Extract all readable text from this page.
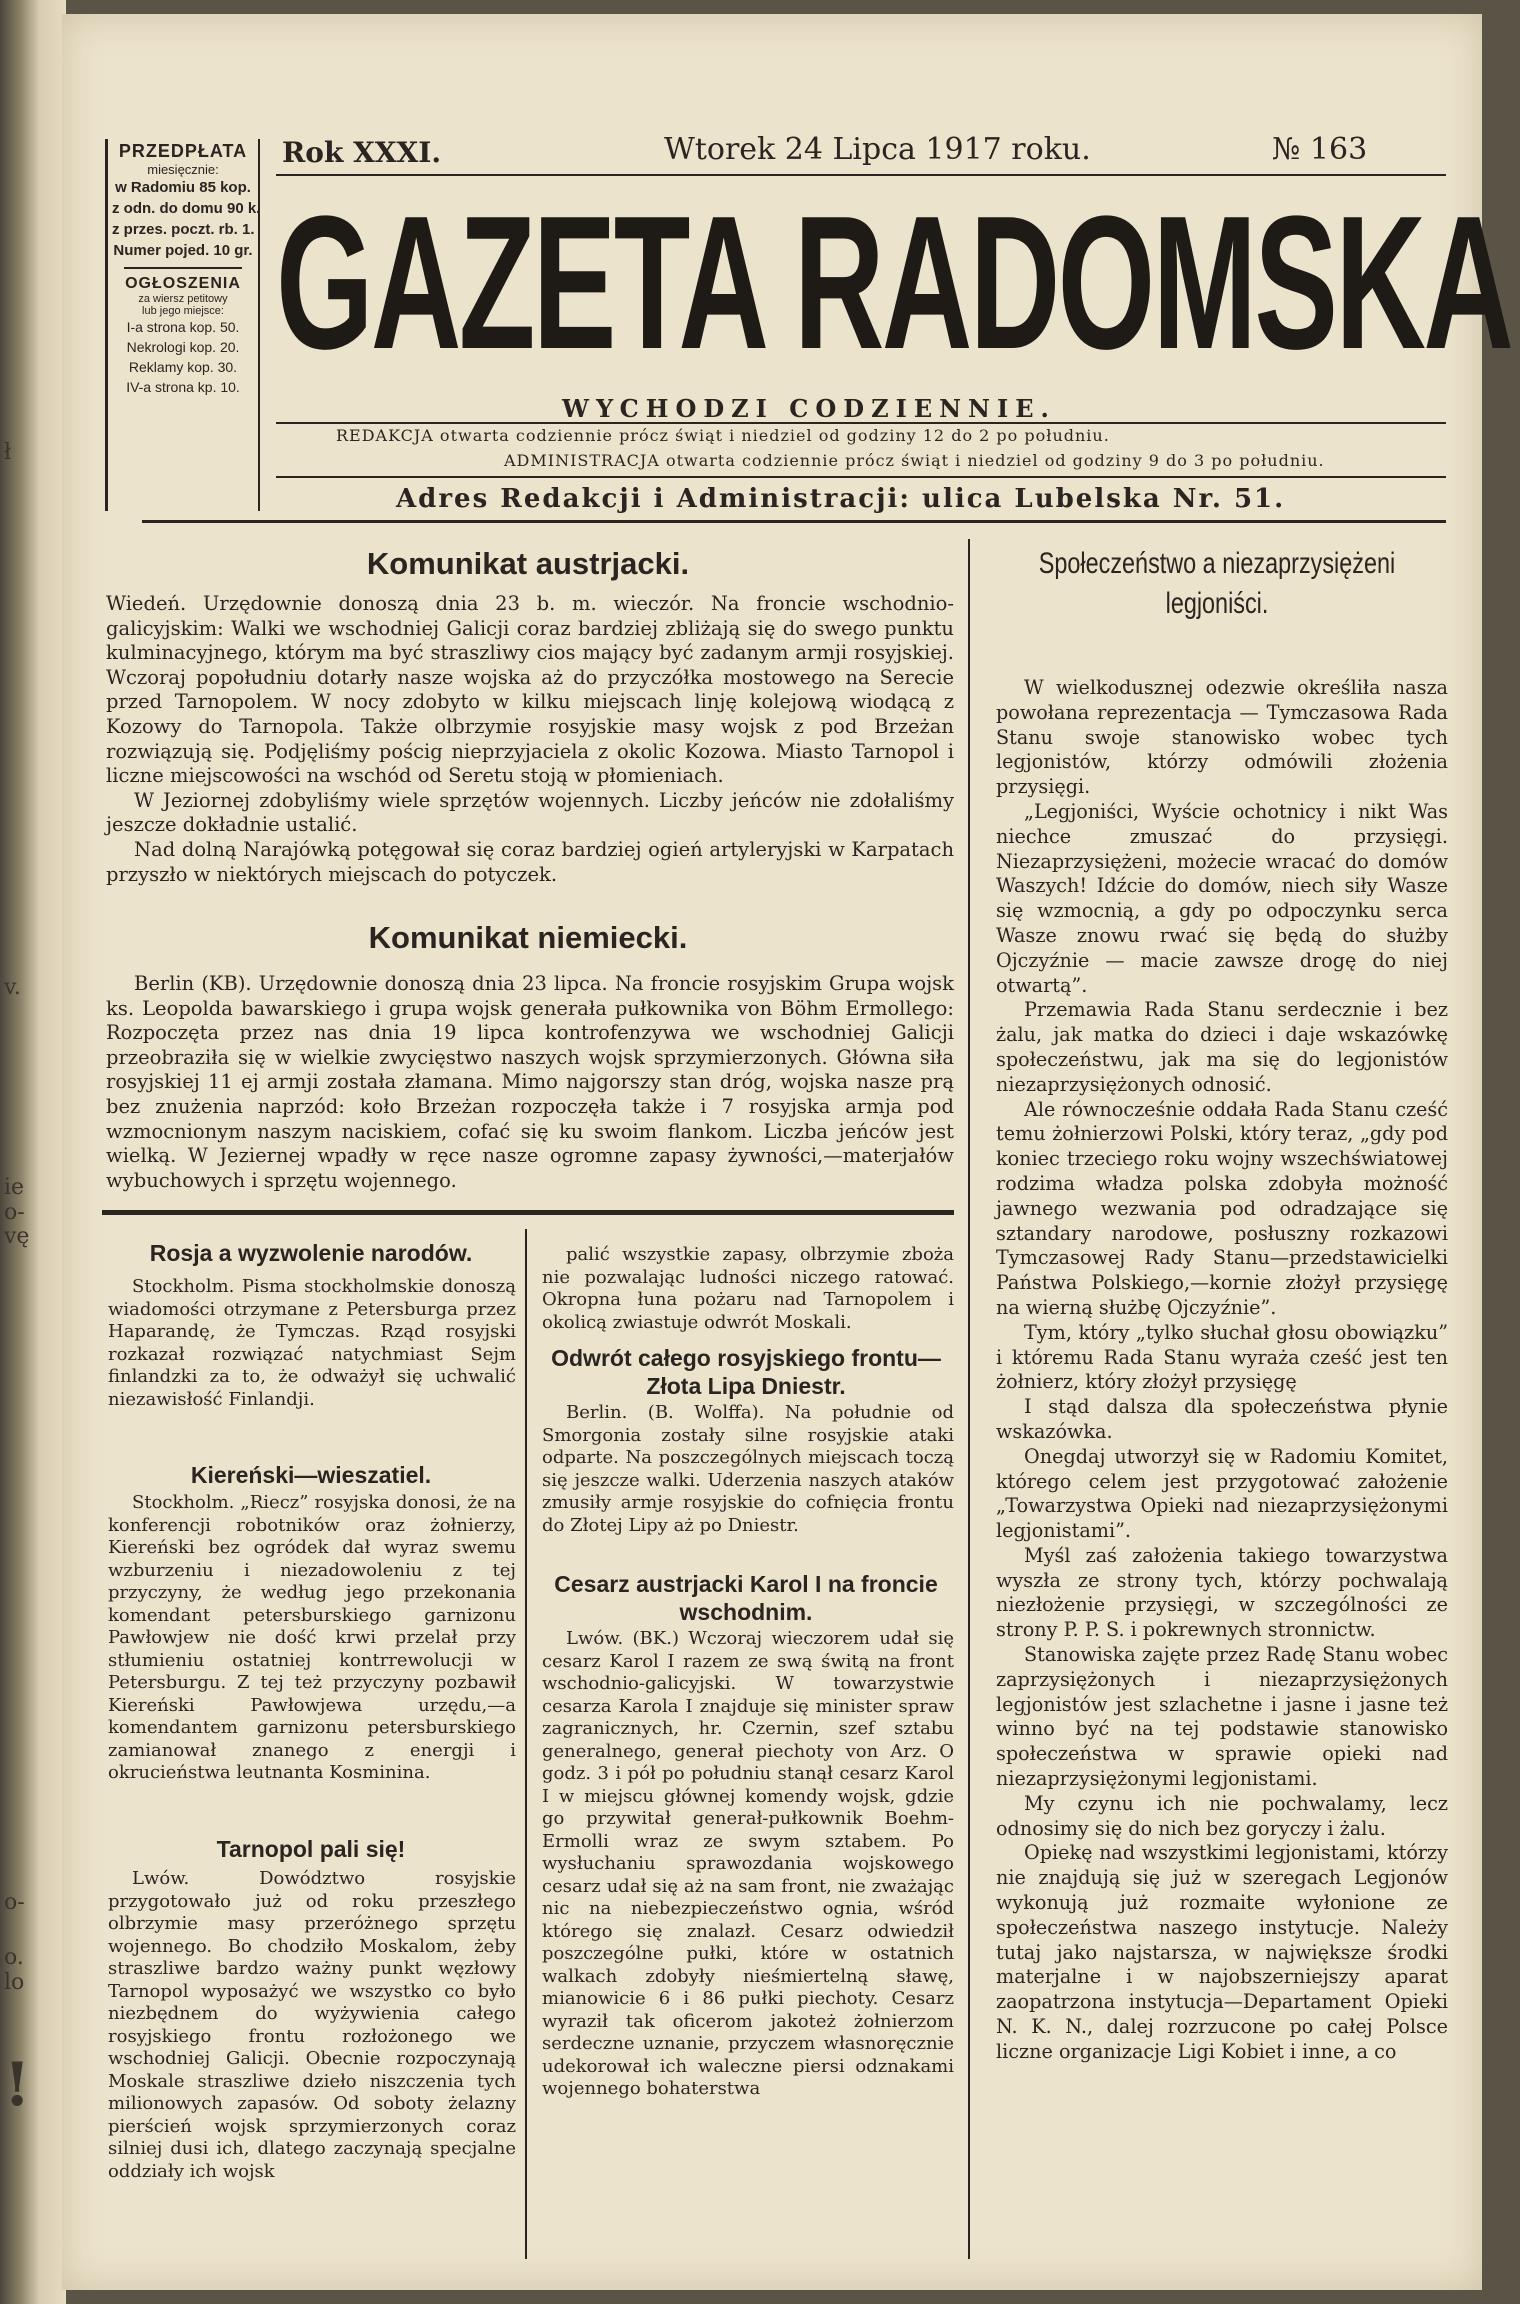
ł
v.
ie
o-
vę
o-
o.
lo
!
PRZEDPŁATA
miesięcznie:
w Radomiu 85 kop.
z odn. do domu 90 k.
z przes. poczt. rb. 1.
Numer pojed. 10 gr.
OGŁOSZENIA
za wiersz petitowy
lub jego miejsce:
I-a strona kop. 50.
Nekrologi kop. 20.
Reklamy kop. 30.
IV-a strona kp. 10.
Rok XXXI.	Wtorek 24 Lipca 1917 roku.	№ 163
GAZETA RADOMSKA
WYCHODZI CODZIENNIE.
REDAKCJA otwarta codziennie prócz świąt i niedziel od godziny 12 do 2 po południu.
ADMINISTRACJA otwarta codziennie prócz świąt i niedziel od godziny 9 do 3 po południu.
Adres Redakcji i Administracji: ulica Lubelska Nr. 51.
Komunikat austrjacki.

Wiedeń. Urzędownie donoszą dnia 23 b. m. wieczór. Na froncie wschodnio-galicyjskim: Walki we wschodniej Galicji coraz bardziej zbliżają się do swego punktu kulminacyjnego, którym ma być straszliwy cios mający być zadanym armji rosyjskiej. Wczoraj popołudniu dotarły nasze wojska aż do przyczółka mostowego na Serecie przed Tarnopolem. W nocy zdobyto w kilku miejscach linję kolejową wiodącą z Kozowy do Tarnopola. Także olbrzymie rosyjskie masy wojsk z pod Brzeżan rozwiązują się. Podjęliśmy pościg nieprzyjaciela z okolic Kozowa. Miasto Tarnopol i liczne miejscowości na wschód od Seretu stoją w płomieniach.

W Jeziornej zdobyliśmy wiele sprzętów wojennych. Liczby jeńców nie zdołaliśmy jeszcze dokładnie ustalić.

Nad dolną Narajówką potęgował się coraz bardziej ogień artyleryjski w Karpatach przyszło w niektórych miejscach do potyczek.

Komunikat niemiecki.

Berlin (KB). Urzędownie donoszą dnia 23 lipca. Na froncie rosyjskim Grupa wojsk ks. Leopolda bawarskiego i grupa wojsk generała pułkownika von Böhm Ermollego: Rozpoczęta przez nas dnia 19 lipca kontrofenzywa we wschodniej Galicji przeobraziła się w wielkie zwycięstwo naszych wojsk sprzymierzonych. Główna siła rosyjskiej 11 ej armji została złamana. Mimo najgorszy stan dróg, wojska nasze prą bez znużenia naprzód: koło Brzeżan rozpoczęła także i 7 rosyjska armja pod wzmocnionym naszym naciskiem, cofać się ku swoim flankom. Liczba jeńców jest wielką. W Jeziernej wpadły w ręce nasze ogromne zapasy żywności,—materjałów wybuchowych i sprzętu wojennego.

Rosja a wyzwolenie narodów.

Stockholm. Pisma stockholmskie donoszą wiadomości otrzymane z Petersburga przez Haparandę, że Tymczas. Rząd rosyjski rozkazał rozwiązać natychmiast Sejm finlandzki za to, że odważył się uchwalić niezawisłość Finlandji.

Kiereński—wieszatiel.

Stockholm. „Riecz” rosyjska donosi, że na konferencji robotników oraz żołnierzy, Kiereński bez ogródek dał wyraz swemu wzburzeniu i niezadowoleniu z tej przyczyny, że według jego przekonania komendant petersburskiego garnizonu Pawłowjew nie dość krwi przelał przy stłumieniu ostatniej kontrrewolucji w Petersburgu. Z tej też przyczyny pozbawił Kiereński Pawłowjewa urzędu,—a komendantem garnizonu petersburskiego zamianował znanego z energji i okrucieństwa leutnanta Kosminina.

Tarnopol pali się!

Lwów. Dowództwo rosyjskie przygotowało już od roku przeszłego olbrzymie masy przeróżnego sprzętu wojennego. Bo chodziło Moskalom, żeby straszliwe bardzo ważny punkt węzłowy Tarnopol wyposażyć we wszystko co było niezbędnem do wyżywienia całego rosyjskiego frontu rozłożonego we wschodniej Galicji. Obecnie rozpoczynają Moskale straszliwe dzieło niszczenia tych milionowych zapasów. Od soboty żelazny pierścień wojsk sprzymierzonych coraz silniej dusi ich, dlatego zaczynają specjalne oddziały ich wojsk

palić wszystkie zapasy, olbrzymie zboża nie pozwalając ludności niczego ratować. Okropna łuna pożaru nad Tarnopolem i okolicą zwiastuje odwrót Moskali.

Odwrót całego rosyjskiego frontu—Złota Lipa Dniestr.

Berlin. (B. Wolffa). Na południe od Smorgonia zostały silne rosyjskie ataki odparte. Na poszczególnych miejscach toczą się jeszcze walki. Uderzenia naszych ataków zmusiły armje rosyjskie do cofnięcia frontu do Złotej Lipy aż po Dniestr.

Cesarz austrjacki Karol I na froncie wschodnim.

Lwów. (BK.) Wczoraj wieczorem udał się cesarz Karol I razem ze swą świtą na front wschodnio-galicyjski. W towarzystwie cesarza Karola I znajduje się minister spraw zagranicznych, hr. Czernin, szef sztabu generalnego, generał piechoty von Arz. O godz. 3 i pół po południu stanął cesarz Karol I w miejscu głównej komendy wojsk, gdzie go przywitał generał-pułkownik Boehm-Ermolli wraz ze swym sztabem. Po wysłuchaniu sprawozdania wojskowego cesarz udał się aż na sam front, nie zważając nic na niebezpieczeństwo ognia, wśród którego się znalazł. Cesarz odwiedził poszczególne pułki, które w ostatnich walkach zdobyły nieśmiertelną sławę, mianowicie 6 i 86 pułki piechoty. Cesarz wyraził tak oficerom jakoteż żołnierzom serdeczne uznanie, przyczem własnoręcznie udekorował ich waleczne piersi odznakami wojennego bohaterstwa

Społeczeństwo a niezaprzysiężeni
legjoniści.

W wielkodusznej odezwie określiła nasza powołana reprezentacja — Tymczasowa Rada Stanu swoje stanowisko wobec tych legjonistów, którzy odmówili złożenia przysięgi.

„Legjoniści, Wyście ochotnicy i nikt Was niechce zmuszać do przysięgi. Niezaprzysiężeni, możecie wracać do domów Waszych! Idźcie do domów, niech siły Wasze się wzmocnią, a gdy po odpoczynku serca Wasze znowu rwać się będą do służby Ojczyźnie — macie zawsze drogę do niej otwartą”.

Przemawia Rada Stanu serdecznie i bez żalu, jak matka do dzieci i daje wskazówkę społeczeństwu, jak ma się do legjonistów niezaprzysiężonych odnosić.

Ale równocześnie oddała Rada Stanu cześć temu żołnierzowi Polski, który teraz, „gdy pod koniec trzeciego roku wojny wszechświatowej rodzima władza polska zdobyła możność jawnego wezwania pod odradzające się sztandary narodowe, posłuszny rozkazowi Tymczasowej Rady Stanu—przedstawicielki Państwa Polskiego,—kornie złożył przysięgę na wierną służbę Ojczyźnie”.

Tym, który „tylko słuchał głosu obowiązku” i któremu Rada Stanu wyraża cześć jest ten żołnierz, który złożył przysięgę

I stąd dalsza dla społeczeństwa płynie wskazówka.

Onegdaj utworzył się w Radomiu Komitet, którego celem jest przygotować założenie „Towarzystwa Opieki nad niezaprzysiężonymi legjonistami”.

Myśl zaś założenia takiego towarzystwa wyszła ze strony tych, którzy pochwalają niezłożenie przysięgi, w szczególności ze strony P. P. S. i pokrewnych stronnictw.

Stanowiska zajęte przez Radę Stanu wobec zaprzysiężonych i niezaprzysiężonych legjonistów jest szlachetne i jasne i jasne też winno być na tej podstawie stanowisko społeczeństwa w sprawie opieki nad niezaprzysiężonymi legjonistami.

My czynu ich nie pochwalamy, lecz odnosimy się do nich bez goryczy i żalu.

Opiekę nad wszystkimi legjonistami, którzy nie znajdują się już w szeregach Legjonów wykonują już rozmaite wyłonione ze społeczeństwa naszego instytucje. Należy tutaj jako najstarsza, w największe środki materjalne i w najobszerniejszy aparat zaopatrzona instytucja—Departament Opieki N. K. N., dalej rozrzucone po całej Polsce liczne organizacje Ligi Kobiet i inne, a co
